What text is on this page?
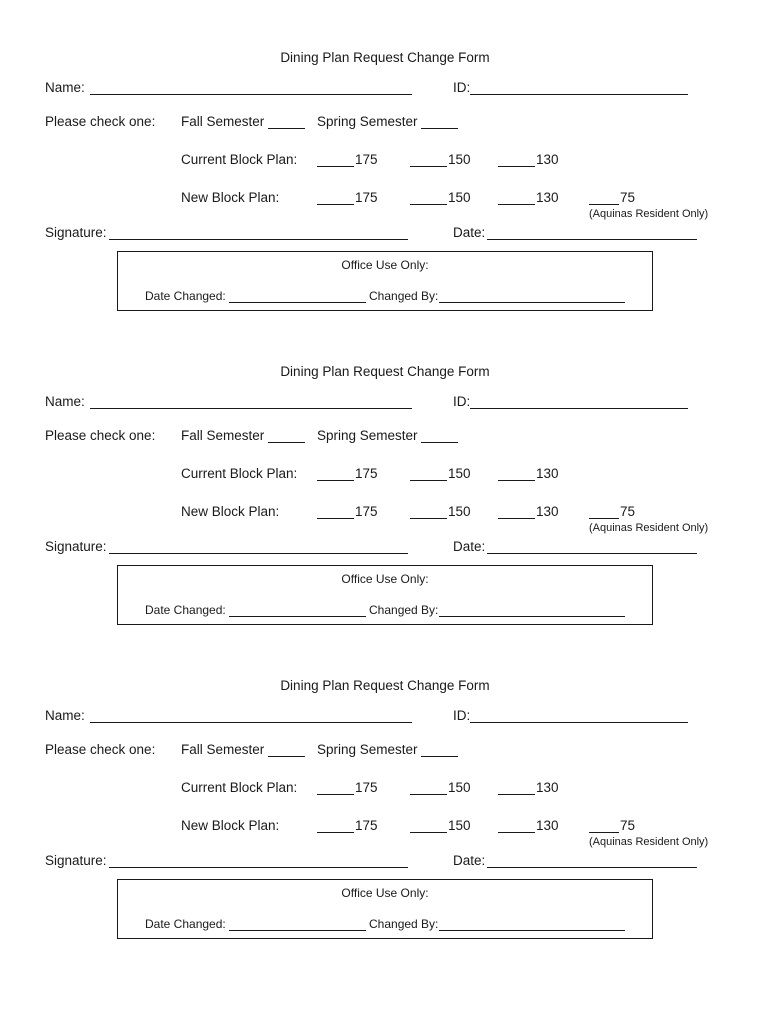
Dining Plan Request Change Form
Name:	ID:
Please check one: Fall Semester	Spring Semester
Current Block Plan:	175	150	130
New Block Plan:	175	150	130	75
(Aquinas Resident Only)
Signature:	Date:
Office Use Only:
Date Changed:	Changed By:
Dining Plan Request Change Form
Name:	ID:
Please check one: Fall Semester	Spring Semester
Current Block Plan:	175	150	130
New Block Plan:	175	150	130	75
(Aquinas Resident Only)
Signature:	Date:
Office Use Only:
Date Changed:	Changed By:
Dining Plan Request Change Form
Name:	ID:
Please check one: Fall Semester	Spring Semester
Current Block Plan:	175	150	130
New Block Plan:	175	150	130	75
(Aquinas Resident Only)
Signature:	Date:
Office Use Only:
Date Changed:	Changed By:
